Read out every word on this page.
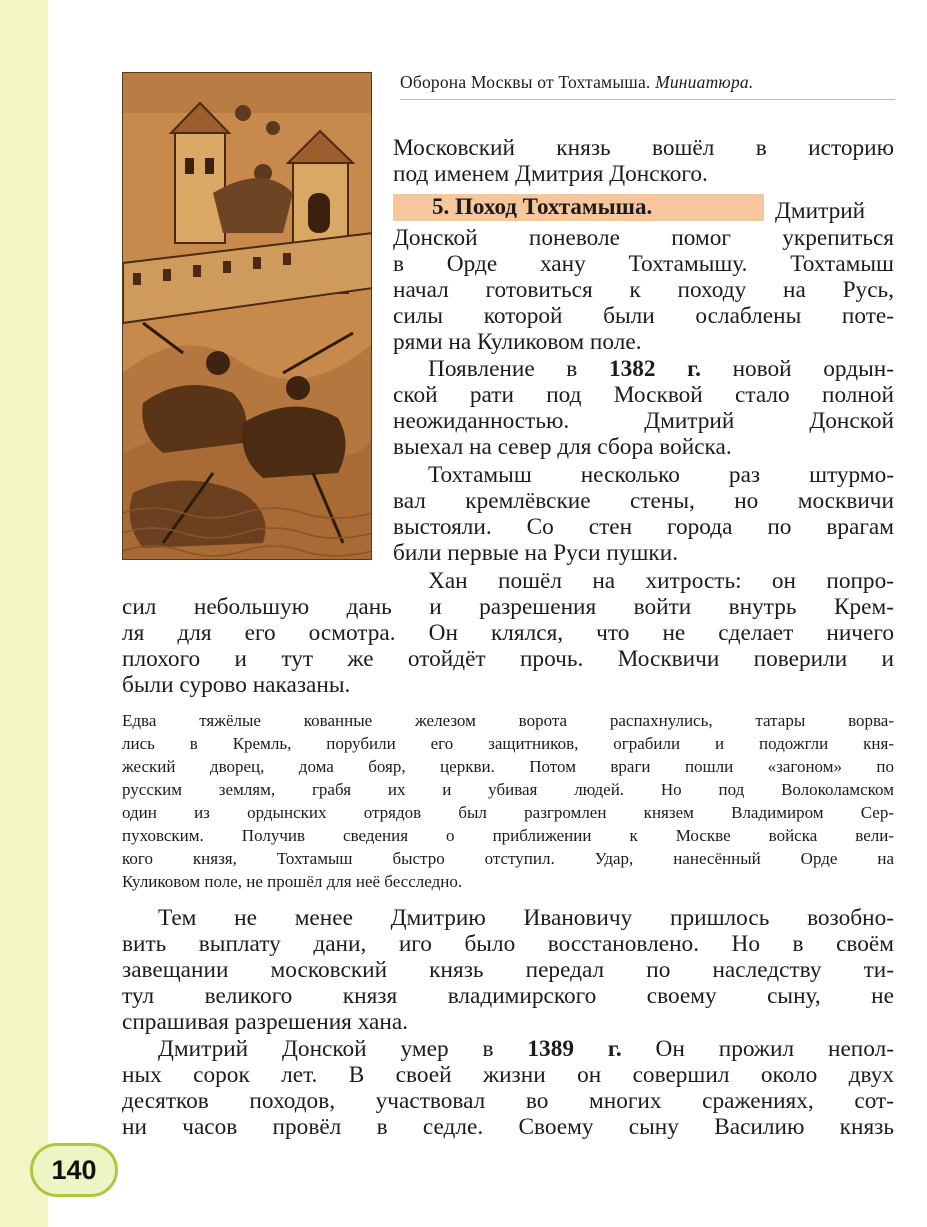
Оборона Москвы от Тохтамыша. Миниатюра.
Московский князь вошёл в историю
под именем Дмитрия Донского.
5. Поход Тохтамыша.	Дмитрий
Донской поневоле помог укрепиться
в Орде хану Тохтамышу. Тохтамыш
начал готовиться к походу на Русь,
силы которой были ослаблены поте-
рями на Куликовом поле.
Появление в 1382 г. новой ордын-
ской рати под Москвой стало полной
неожиданностью. Дмитрий Донской
выехал на север для сбора войска.
Тохтамыш несколько раз штурмо-
вал кремлёвские стены, но москвичи
выстояли. Со стен города по врагам
били первые на Руси пушки.
Хан пошёл на хитрость: он попро-
сил небольшую дань и разрешения войти внутрь Крем-
ля для его осмотра. Он клялся, что не сделает ничего
плохого и тут же отойдёт прочь. Москвичи поверили и
были сурово наказаны.
Едва тяжёлые кованные железом ворота распахнулись, татары ворва-
лись в Кремль, порубили его защитников, ограбили и подожгли кня-
жеский дворец, дома бояр, церкви. Потом враги пошли «загоном» по
русским землям, грабя их и убивая людей. Но под Волоколамском
один из ордынских отрядов был разгромлен князем Владимиром Сер-
пуховским. Получив сведения о приближении к Москве войска вели-
кого князя, Тохтамыш быстро отступил. Удар, нанесённый Орде на
Куликовом поле, не прошёл для неё бесследно.
Тем не менее Дмитрию Ивановичу пришлось возобно-
вить выплату дани, иго было восстановлено. Но в своём
завещании московский князь передал по наследству ти-
тул великого князя владимирского своему сыну, не
спрашивая разрешения хана.
Дмитрий Донской умер в 1389 г. Он прожил непол-
ных сорок лет. В своей жизни он совершил около двух
десятков походов, участвовал во многих сражениях, сот-
ни часов провёл в седле. Своему сыну Василию князь
140
